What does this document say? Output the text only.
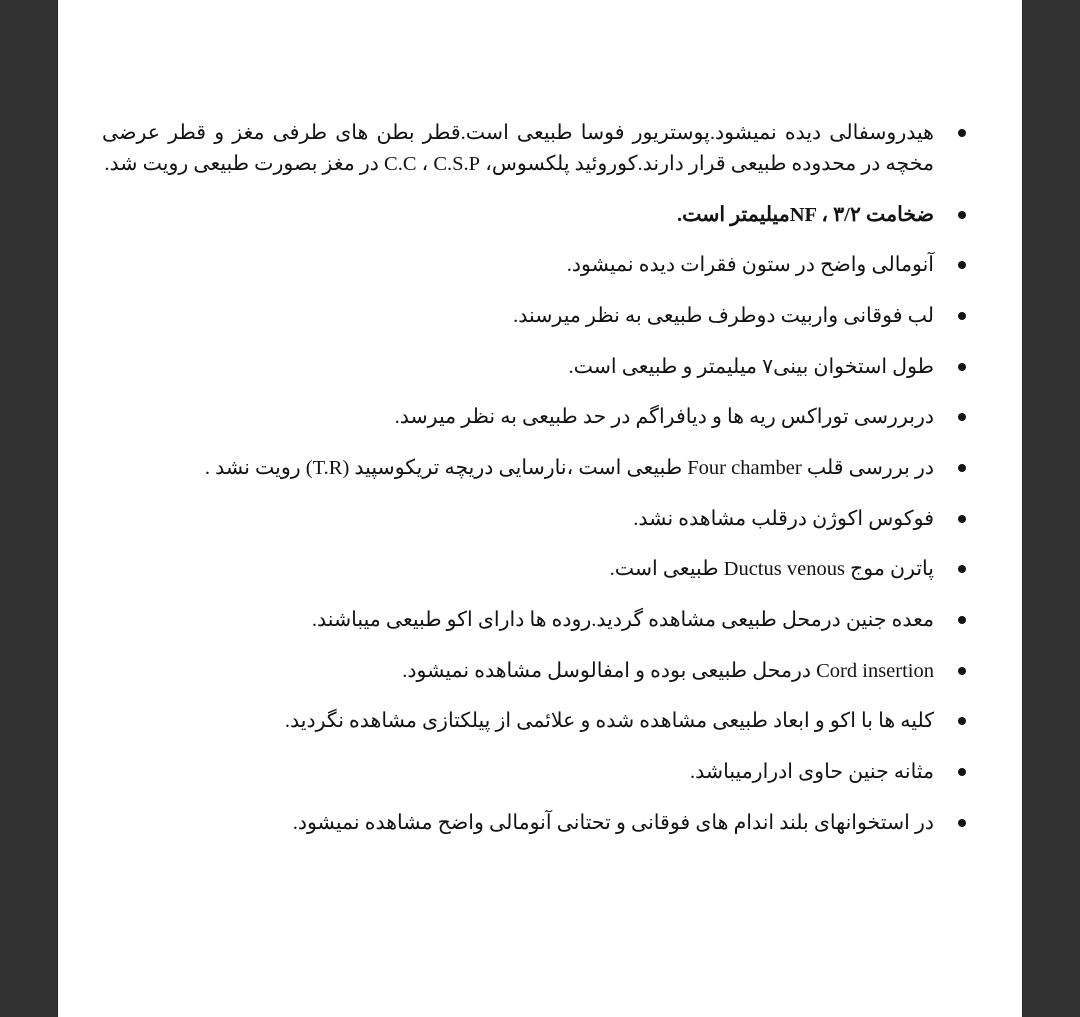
هیدروسفالی دیده نمیشود.پوستریور فوسا طبیعی است.قطر بطن های طرفی مغز و قطر عرضی مخچه در محدوده طبیعی قرار دارند.کوروئید پلکسوس، C.C ، C.S.P در مغز بصورت طبیعی رویت شد.
ضخامت NF ، ۳/۲میلیمتر است.
آنومالی واضح در ستون فقرات دیده نمیشود.
لب فوقانی واربیت دوطرف طبیعی به نظر میرسند.
طول استخوان بینی۷ میلیمتر و طبیعی است.
دربررسی توراکس ریه ها و دیافراگم در حد طبیعی به نظر میرسد.
در بررسی قلب Four chamber طبیعی است ،نارسایی دریچه تریکوسپید (T.R) رویت نشد .
فوکوس اکوژن درقلب مشاهده نشد.
پاترن موج Ductus venous طبیعی است.
معده جنین درمحل طبیعی مشاهده گردید.روده ها دارای اکو طبیعی میباشند.
Cord insertion درمحل طبیعی بوده و امفالوسل مشاهده نمیشود.
کلیه ها با اکو و ابعاد طبیعی مشاهده شده و علائمی از پیلکتازی مشاهده نگردید.
مثانه جنین حاوی ادرارمیباشد.
در استخوانهای بلند اندام های فوقانی و تحتانی آنومالی واضح مشاهده نمیشود.
